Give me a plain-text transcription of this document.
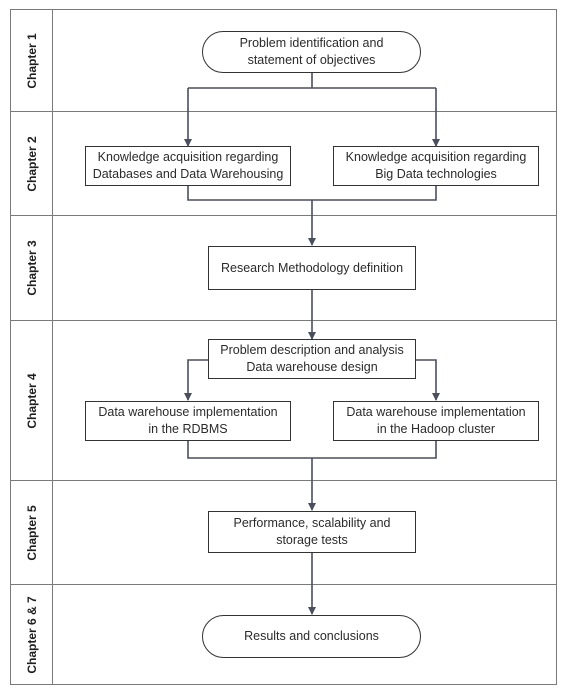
Chapter 1
Chapter 2
Chapter 3
Chapter 4
Chapter 5
Chapter 6 & 7
Problem identification and
statement of objectives
Knowledge acquisition regarding
Databases and Data Warehousing
Knowledge acquisition regarding
Big Data technologies
Research Methodology definition
Problem description and analysis
Data warehouse design
Data warehouse implementation
in the RDBMS
Data warehouse implementation
in the Hadoop cluster
Performance, scalability and
storage tests
Results and conclusions
